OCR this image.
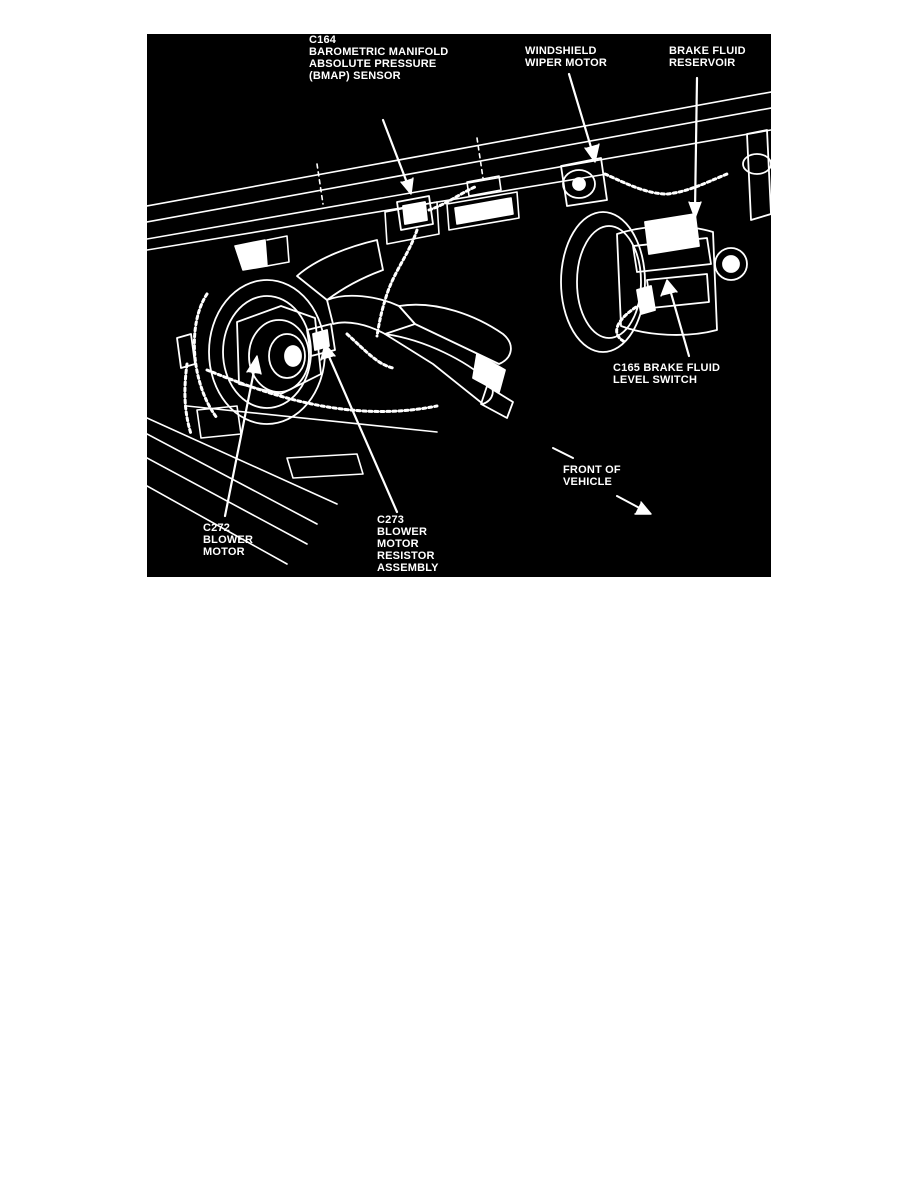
C164
BAROMETRIC MANIFOLD
ABSOLUTE PRESSURE
(BMAP) SENSOR

WINDSHIELD
WIPER MOTOR

BRAKE FLUID
RESERVOIR

C165 BRAKE FLUID
LEVEL SWITCH

FRONT OF
VEHICLE

C272
BLOWER
MOTOR

C273
BLOWER
MOTOR
RESISTOR
ASSEMBLY
